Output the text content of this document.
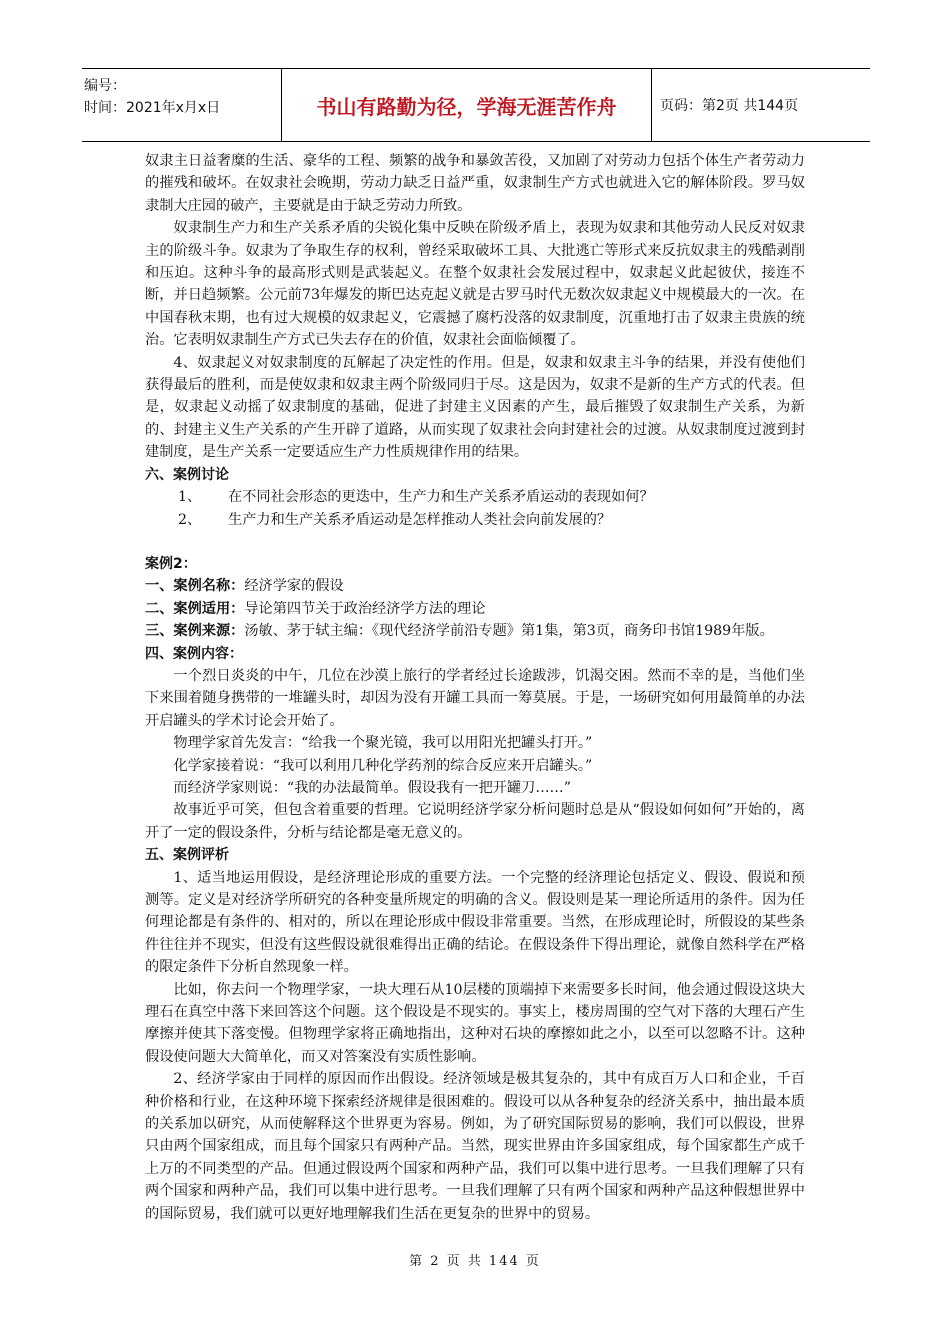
编号：
时间：2021年x月x日	书山有路勤为径，学海无涯苦作舟	页码：第2页 共144页

奴隶主日益奢糜的生活、豪华的工程、频繁的战争和暴敛苦役，又加剧了对劳动力包括个体生产者劳动力的摧残和破坏。在奴隶社会晚期，劳动力缺乏日益严重，奴隶制生产方式也就进入它的解体阶段。罗马奴隶制大庄园的破产，主要就是由于缺乏劳动力所致。

奴隶制生产力和生产关系矛盾的尖锐化集中反映在阶级矛盾上，表现为奴隶和其他劳动人民反对奴隶主的阶级斗争。奴隶为了争取生存的权利，曾经采取破坏工具、大批逃亡等形式来反抗奴隶主的残酷剥削和压迫。这种斗争的最高形式则是武装起义。在整个奴隶社会发展过程中，奴隶起义此起彼伏，接连不断，并日趋频繁。公元前73年爆发的斯巴达克起义就是古罗马时代无数次奴隶起义中规模最大的一次。在中国春秋末期，也有过大规模的奴隶起义，它震撼了腐朽没落的奴隶制度，沉重地打击了奴隶主贵族的统治。它表明奴隶制生产方式已失去存在的价值，奴隶社会面临倾覆了。

4、奴隶起义对奴隶制度的瓦解起了决定性的作用。但是，奴隶和奴隶主斗争的结果，并没有使他们获得最后的胜利，而是使奴隶和奴隶主两个阶级同归于尽。这是因为，奴隶不是新的生产方式的代表。但是，奴隶起义动摇了奴隶制度的基础，促进了封建主义因素的产生，最后摧毁了奴隶制生产关系，为新的、封建主义生产关系的产生开辟了道路，从而实现了奴隶社会向封建社会的过渡。从奴隶制度过渡到封建制度，是生产关系一定要适应生产力性质规律作用的结果。

六、案例讨论

1、 在不同社会形态的更迭中，生产力和生产关系矛盾运动的表现如何？

2、 生产力和生产关系矛盾运动是怎样推动人类社会向前发展的？

案例2：

一、案例名称： 经济学家的假设

二、案例适用： 导论第四节关于政治经济学方法的理论

三、案例来源： 汤敏、茅于轼主编：《现代经济学前沿专题》第1集，第3页，商务印书馆1989年版。

四、案例内容：

一个烈日炎炎的中午，几位在沙漠上旅行的学者经过长途跋涉，饥渴交困。然而不幸的是，当他们坐下来围着随身携带的一堆罐头时，却因为没有开罐工具而一筹莫展。于是，一场研究如何用最简单的办法开启罐头的学术讨论会开始了。

物理学家首先发言：“给我一个聚光镜，我可以用阳光把罐头打开。”

化学家接着说：“我可以利用几种化学药剂的综合反应来开启罐头。”

而经济学家则说：“我的办法最简单。假设我有一把开罐刀……”

故事近乎可笑，但包含着重要的哲理。它说明经济学家分析问题时总是从“假设如何如何”开始的，离开了一定的假设条件，分析与结论都是毫无意义的。

五、案例评析

1、适当地运用假设，是经济理论形成的重要方法。一个完整的经济理论包括定义、假设、假说和预测等。定义是对经济学所研究的各种变量所规定的明确的含义。假设则是某一理论所适用的条件。因为任何理论都是有条件的、相对的，所以在理论形成中假设非常重要。当然，在形成理论时，所假设的某些条件往往并不现实，但没有这些假设就很难得出正确的结论。在假设条件下得出理论，就像自然科学在严格的限定条件下分析自然现象一样。

比如，你去问一个物理学家，一块大理石从10层楼的顶端掉下来需要多长时间，他会通过假设这块大理石在真空中落下来回答这个问题。这个假设是不现实的。事实上，楼房周围的空气对下落的大理石产生摩擦并使其下落变慢。但物理学家将正确地指出，这种对石块的摩擦如此之小，以至可以忽略不计。这种假设使问题大大简单化，而又对答案没有实质性影响。

2、经济学家由于同样的原因而作出假设。经济领域是极其复杂的，其中有成百万人口和企业，千百种价格和行业，在这种环境下探索经济规律是很困难的。假设可以从各种复杂的经济关系中，抽出最本质的关系加以研究，从而使解释这个世界更为容易。例如，为了研究国际贸易的影响，我们可以假设，世界只由两个国家组成，而且每个国家只有两种产品。当然，现实世界由许多国家组成，每个国家都生产成千上万的不同类型的产品。但通过假设两个国家和两种产品，我们可以集中进行思考。一旦我们理解了只有两个国家和两种产品，我们可以集中进行思考。一旦我们理解了只有两个国家和两种产品这种假想世界中的国际贸易，我们就可以更好地理解我们生活在更复杂的世界中的贸易。

第 2 页 共 144 页
